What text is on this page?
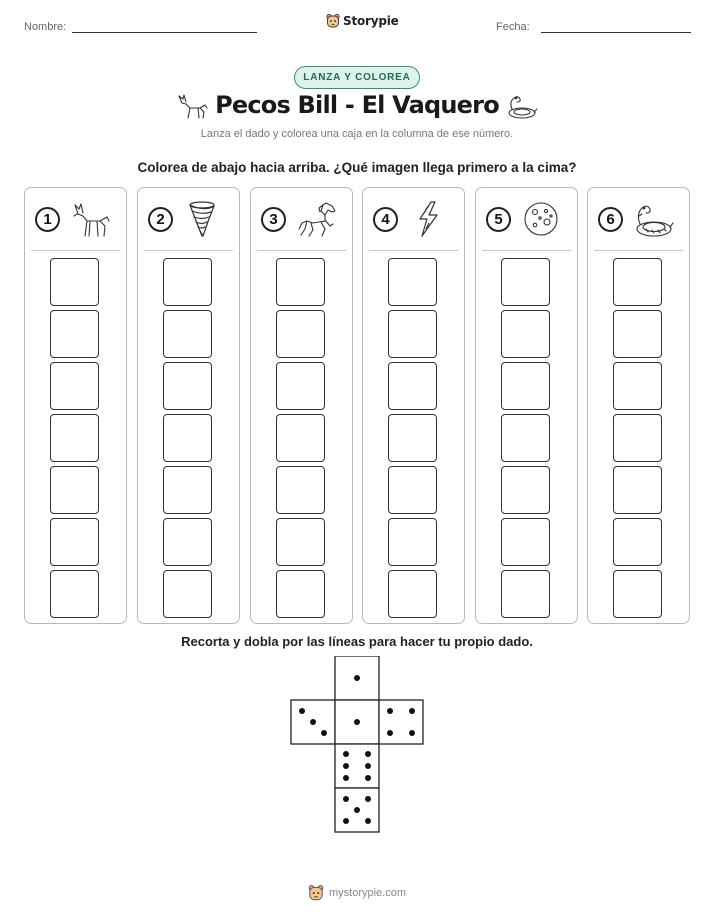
Nombre:	Storypie	Fecha:
LANZA Y COLOREA
Pecos Bill - El Vaquero
Lanza el dado y colorea una caja en la columna de ese número.
Colorea de abajo hacia arriba. ¿Qué imagen llega primero a la cima?
1	2	3	4	5	6
Recorta y dobla por las líneas para hacer tu propio dado.
mystorypie.com
